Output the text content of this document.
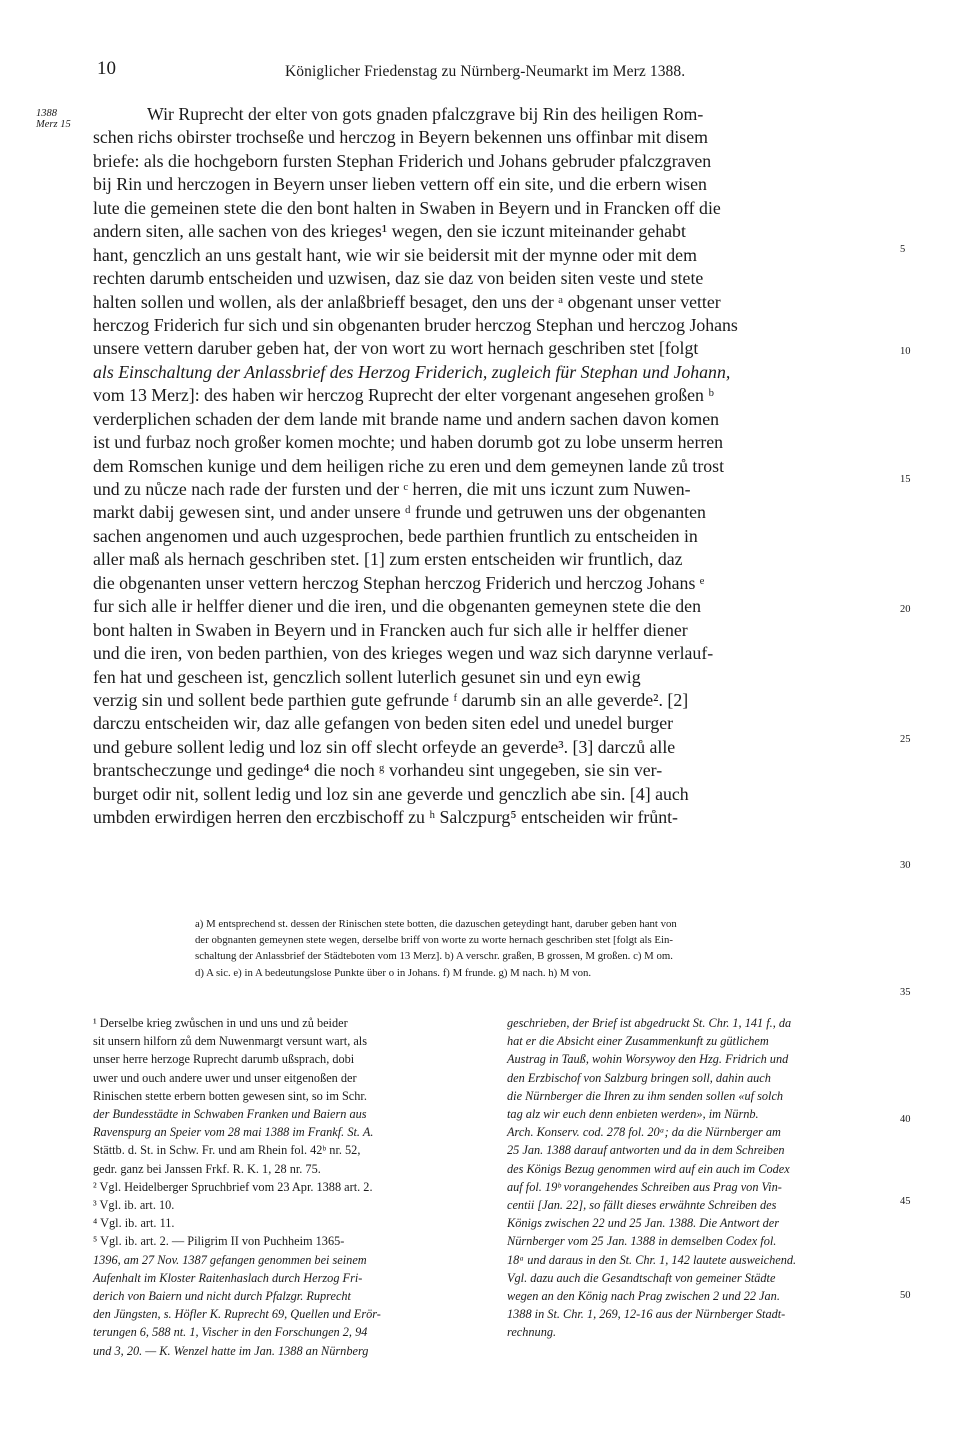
10	Königlicher Friedenstag zu Nürnberg-Neumarkt im Merz 1388.
1388
Merz 15
Wir Ruprecht der elter von gots gnaden pfalczgrave bij Rin des heiligen Rom-
schen richs obirster trochseße und herczog in Beyern bekennen uns offinbar mit disem
briefe: als die hochgeborn fursten Stephan Friderich und Johans gebruder pfalczgraven
bij Rin und herczogen in Beyern unser lieben vettern off ein site, und die erbern wisen
lute die gemeinen stete die den bont halten in Swaben in Beyern und in Francken off die
andern siten, alle sachen von des krieges¹ wegen, den sie iczunt miteinander gehabt
hant, genczlich an uns gestalt hant, wie wir sie beidersit mit der mynne oder mit dem
rechten darumb entscheiden und uzwisen, daz sie daz von beiden siten veste und stete
halten sollen und wollen, als der anlaßbrieff besaget, den uns der ᵃ obgenant unser vetter
herczog Friderich fur sich und sin obgenanten bruder herczog Stephan und herczog Johans
unsere vettern daruber geben hat, der von wort zu wort hernach geschriben stet [folgt
als Einschaltung der Anlassbrief des Herzog Friderich, zugleich für Stephan und Johann,
vom 13 Merz]: des haben wir herczog Ruprecht der elter vorgenant angesehen großen ᵇ
verderplichen schaden der dem lande mit brande name und andern sachen davon komen
ist und furbaz noch großer komen mochte; und haben dorumb got zu lobe unserm herren
dem Romschen kunige und dem heiligen riche zu eren und dem gemeynen lande zů trost
und zu nůcze nach rade der fursten und der ᶜ herren, die mit uns iczunt zum Nuwen-
markt dabij gewesen sint, und ander unsere ᵈ frunde und getruwen uns der obgenanten
sachen angenomen und auch uzgesprochen, bede parthien fruntlich zu entscheiden in
aller maß als hernach geschriben stet. [1] zum ersten entscheiden wir fruntlich, daz
die obgenanten unser vettern herczog Stephan herczog Friderich und herczog Johans ᵉ
fur sich alle ir helffer diener und die iren, und die obgenanten gemeynen stete die den
bont halten in Swaben in Beyern und in Francken auch fur sich alle ir helffer diener
und die iren, von beden parthien, von des krieges wegen und waz sich darynne verlauf-
fen hat und gescheen ist, genczlich sollent luterlich gesunet sin und eyn ewig
verzig sin und sollent bede parthien gute gefrunde ᶠ darumb sin an alle geverde². [2]
darczu entscheiden wir, daz alle gefangen von beden siten edel und unedel burger
und gebure sollent ledig und loz sin off slecht orfeyde an geverde³. [3] darczů alle
brantscheczunge und gedinge⁴ die noch ᵍ vorhandeu sint ungegeben, sie sin ver-
burget odir nit, sollent ledig und loz sin ane geverde und genczlich abe sin. [4] auch
umbden erwirdigen herren den erczbischoff zu ʰ Salczpurg⁵ entscheiden wir frůnt-
5
10
15
20
25
30
35
40
45
50
a) M entsprechend st. dessen der Rinischen stete botten, die dazuschen geteydingt hant, daruber geben hant von
der obgnanten gemeynen stete wegen, derselbe briff von worte zu worte hernach geschriben stet [folgt als Ein-
schaltung der Anlassbrief der Städteboten vom 13 Merz]. b) A verschr. graßen, B grossen, M großen. c) M om.
d) A sic. e) in A bedeutungslose Punkte über o in Johans. f) M frunde. g) M nach. h) M von.
¹ Derselbe krieg zwůschen in und uns und zů beider
sit unsern hilforn zů dem Nuwenmargt versunt wart, als
unser herre herzoge Ruprecht darumb ußsprach, dobi
uwer und ouch andere uwer und unser eitgenoßen der
Rinischen stette erbern botten gewesen sint, so im Schr.
der Bundesstädte in Schwaben Franken und Baiern aus
Ravenspurg an Speier vom 28 mai 1388 im Frankf. St. A.
Stättb. d. St. in Schw. Fr. und am Rhein fol. 42ᵇ nr. 52,
gedr. ganz bei Janssen Frkf. R. K. 1, 28 nr. 75.
² Vgl. Heidelberger Spruchbrief vom 23 Apr. 1388 art. 2.
³ Vgl. ib. art. 10.
⁴ Vgl. ib. art. 11.
⁵ Vgl. ib. art. 2. — Piligrim II von Puchheim 1365-
1396, am 27 Nov. 1387 gefangen genommen bei seinem
Aufenhalt im Kloster Raitenhaslach durch Herzog Fri-
derich von Baiern und nicht durch Pfalzgr. Ruprecht
den Jüngsten, s. Höfler K. Ruprecht 69, Quellen und Erör-
terungen 6, 588 nt. 1, Vischer in den Forschungen 2, 94
und 3, 20. — K. Wenzel hatte im Jan. 1388 an Nürnberg
geschrieben, der Brief ist abgedruckt St. Chr. 1, 141 f., da
hat er die Absicht einer Zusammenkunft zu gütlichem
Austrag in Tauß, wohin Worsywoy den Hzg. Fridrich und
den Erzbischof von Salzburg bringen soll, dahin auch
die Nürnberger die Ihren zu ihm senden sollen «uf solch
tag alz wir euch denn enbieten werden», im Nürnb.
Arch. Konserv. cod. 278 fol. 20ᵃ; da die Nürnberger am
25 Jan. 1388 darauf antworten und da in dem Schreiben
des Königs Bezug genommen wird auf ein auch im Codex
auf fol. 19ᵇ vorangehendes Schreiben aus Prag von Vin-
centii [Jan. 22], so fällt dieses erwähnte Schreiben des
Königs zwischen 22 und 25 Jan. 1388. Die Antwort der
Nürnberger vom 25 Jan. 1388 in demselben Codex fol.
18ᵃ und daraus in den St. Chr. 1, 142 lautete ausweichend.
Vgl. dazu auch die Gesandtschaft von gemeiner Städte
wegen an den König nach Prag zwischen 2 und 22 Jan.
1388 in St. Chr. 1, 269, 12-16 aus der Nürnberger Stadt-
rechnung.
